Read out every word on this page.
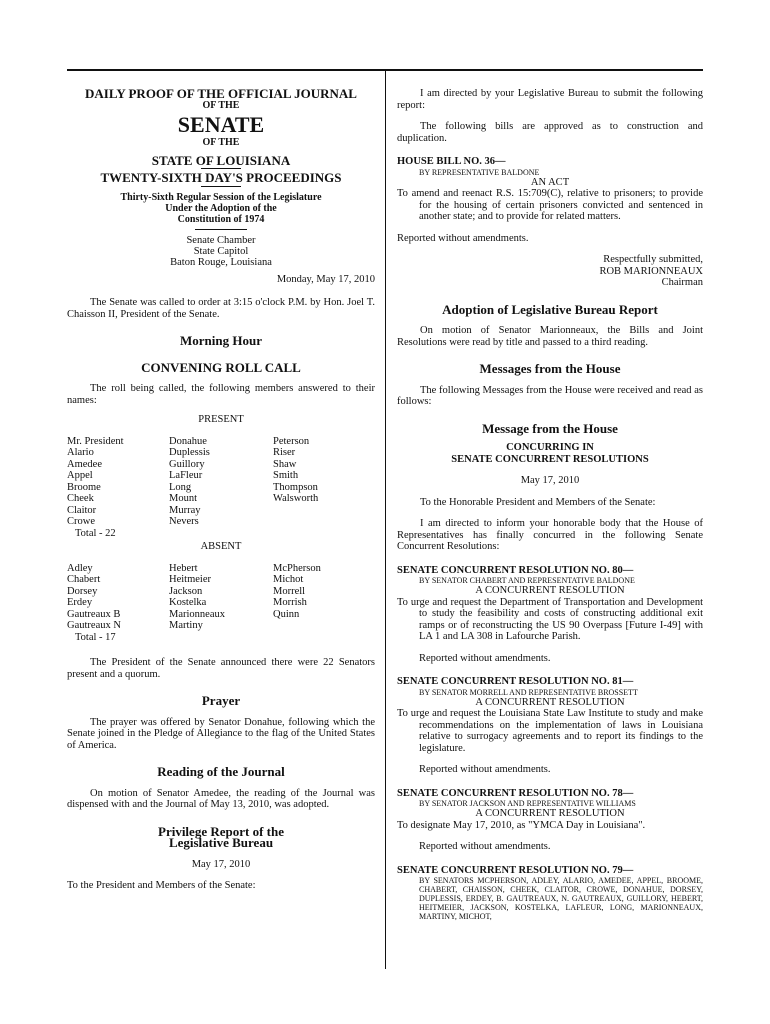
DAILY PROOF OF THE OFFICIAL JOURNAL
OF THE
SENATE
OF THE
STATE OF LOUISIANA
TWENTY-SIXTH DAY'S PROCEEDINGS
Thirty-Sixth Regular Session of the Legislature
Under the Adoption of the
Constitution of 1974
Senate Chamber
State Capitol
Baton Rouge, Louisiana
Monday, May 17, 2010
The Senate was called to order at 3:15 o'clock P.M. by Hon. Joel T. Chaisson II, President of the Senate.
Morning Hour
CONVENING ROLL CALL
The roll being called, the following members answered to their names:
PRESENT
Mr. President
Alario
Amedee
Appel
Broome
Cheek
Claitor
Crowe
Donahue
Duplessis
Guillory
LaFleur
Long
Mount
Murray
Nevers
Peterson
Riser
Shaw
Smith
Thompson
Walsworth
Total - 22
ABSENT
Adley
Chabert
Dorsey
Erdey
Gautreaux B
Gautreaux N
Hebert
Heitmeier
Jackson
Kostelka
Marionneaux
Martiny
McPherson
Michot
Morrell
Morrish
Quinn
Total - 17
The President of the Senate announced there were 22 Senators present and a quorum.
Prayer
The prayer was offered by Senator Donahue, following which the Senate joined in the Pledge of Allegiance to the flag of the United States of America.
Reading of the Journal
On motion of Senator Amedee, the reading of the Journal was dispensed with and the Journal of May 13, 2010, was adopted.
Privilege Report of the
Legislative Bureau
May 17, 2010
To the President and Members of the Senate:
I am directed by your Legislative Bureau to submit the following report:
The following bills are approved as to construction and duplication.
HOUSE BILL NO. 36—
BY REPRESENTATIVE BALDONE
AN ACT
To amend and reenact R.S. 15:709(C), relative to prisoners; to provide for the housing of certain prisoners convicted and sentenced in another state; and to provide for related matters.
Reported without amendments.
Respectfully submitted,
ROB MARIONNEAUX
Chairman
Adoption of Legislative Bureau Report
On motion of Senator Marionneaux, the Bills and Joint Resolutions were read by title and passed to a third reading.
Messages from the House
The following Messages from the House were received and read as follows:
Message from the House
CONCURRING IN
SENATE CONCURRENT RESOLUTIONS
May 17, 2010
To the Honorable President and Members of the Senate:
I am directed to inform your honorable body that the House of Representatives has finally concurred in the following Senate Concurrent Resolutions:
SENATE CONCURRENT RESOLUTION NO. 80—
BY SENATOR CHABERT AND REPRESENTATIVE BALDONE
A CONCURRENT RESOLUTION
To urge and request the Department of Transportation and Development to study the feasibility and costs of constructing additional exit ramps or of reconstructing the US 90 Overpass [Future I-49] with LA 1 and LA 308 in Lafourche Parish.
Reported without amendments.
SENATE CONCURRENT RESOLUTION NO. 81—
BY SENATOR MORRELL AND REPRESENTATIVE BROSSETT
A CONCURRENT RESOLUTION
To urge and request the Louisiana State Law Institute to study and make recommendations on the implementation of laws in Louisiana relative to surrogacy agreements and to report its findings to the legislature.
Reported without amendments.
SENATE CONCURRENT RESOLUTION NO. 78—
BY SENATOR JACKSON AND REPRESENTATIVE WILLIAMS
A CONCURRENT RESOLUTION
To designate May 17, 2010, as "YMCA Day in Louisiana".
Reported without amendments.
SENATE CONCURRENT RESOLUTION NO. 79—
BY SENATORS MCPHERSON, ADLEY, ALARIO, AMEDEE, APPEL, BROOME, CHABERT, CHAISSON, CHEEK, CLAITOR, CROWE, DONAHUE, DORSEY, DUPLESSIS, ERDEY, B. GAUTREAUX, N. GAUTREAUX, GUILLORY, HEBERT, HEITMEIER, JACKSON, KOSTELKA, LAFLEUR, LONG, MARIONNEAUX, MARTINY, MICHOT,
